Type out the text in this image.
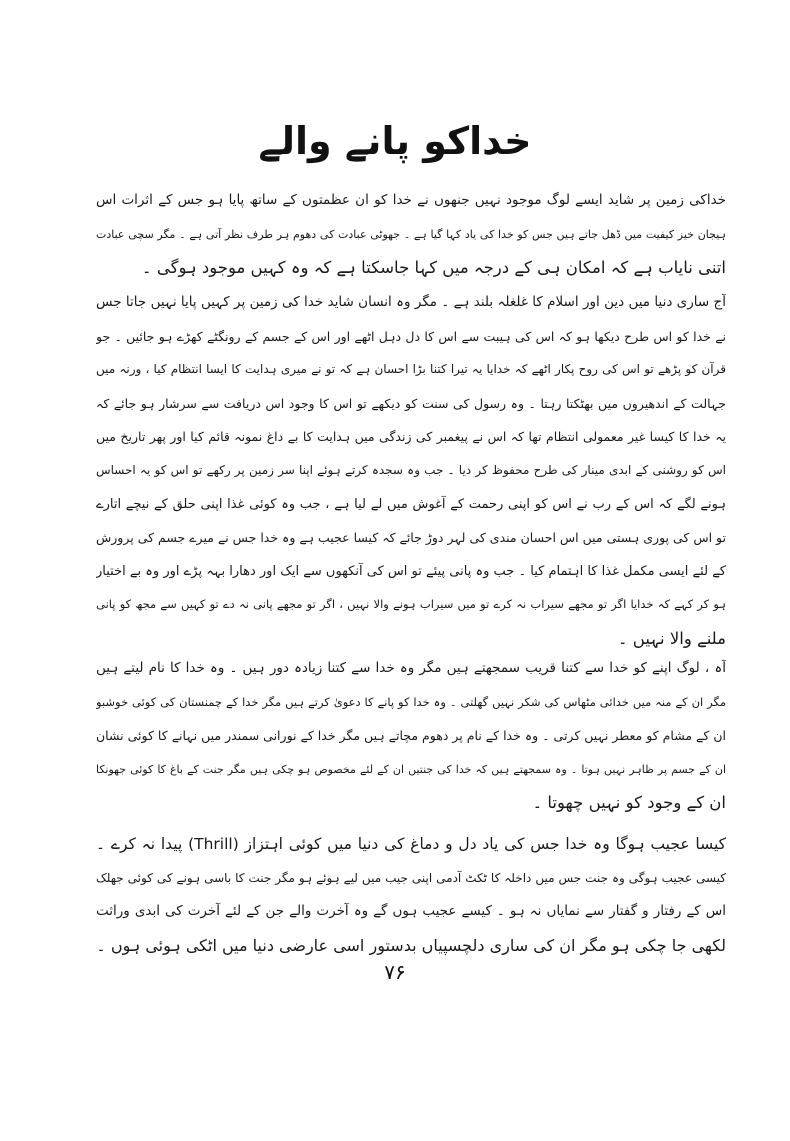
خداکو پانے والے
خداکی زمین پر شاید ایسے لوگ موجود نہیں جنھوں نے خدا کو ان عظمتوں کے ساتھ پایا ہو جس کے اثرات اس
ہیجان خیز کیفیت میں ڈھل جاتے ہیں جس کو خدا کی یاد کہا گیا ہے ۔ جھوٹی عبادت کی دھوم ہر طرف نظر آتی ہے ۔ مگر سچی عبادت
اتنی نایاب ہے کہ امکان ہی کے درجہ میں کہا جاسکتا ہے کہ وہ کہیں موجود ہوگی ۔
آج ساری دنیا میں دین اور اسلام کا غلغلہ بلند ہے ۔ مگر وہ انسان شاید خدا کی زمین پر کہیں پایا نہیں جاتا جس
نے خدا کو اس طرح دیکھا ہو کہ اس کی ہیبت سے اس کا دل دہل اٹھے اور اس کے جسم کے رونگٹے کھڑے ہو جائیں ۔ جو
قرآن کو پڑھے تو اس کی روح پکار اٹھے کہ خدایا یہ تیرا کتنا بڑا احسان ہے کہ تو نے میری ہدایت کا ایسا انتظام کیا ، ورنہ میں
جہالت کے اندھیروں میں بھٹکتا رہتا ۔ وہ رسول کی سنت کو دیکھے تو اس کا وجود اس دریافت سے سرشار ہو جائے کہ
یہ خدا کا کیسا غیر معمولی انتظام تھا کہ اس نے پیغمبر کی زندگی میں ہدایت کا بے داغ نمونہ قائم کیا اور پھر تاریخ میں
اس کو روشنی کے ابدی مینار کی طرح محفوظ کر دیا ۔ جب وہ سجدہ کرتے ہوئے اپنا سر زمین پر رکھے تو اس کو یہ احساس
ہونے لگے کہ اس کے رب نے اس کو اپنی رحمت کے آغوش میں لے لیا ہے ، جب وہ کوئی غذا اپنی حلق کے نیچے اتارے
تو اس کی پوری ہستی میں اس احسان مندی کی لہر دوڑ جائے کہ کیسا عجیب ہے وہ خدا جس نے میرے جسم کی پرورش
کے لئے ایسی مکمل غذا کا اہتمام کیا ۔ جب وہ پانی پیئے تو اس کی آنکھوں سے ایک اور دھارا بہہ پڑے اور وہ بے اختیار
ہو کر کہے کہ خدایا اگر تو مجھے سیراب نہ کرے تو میں سیراب ہونے والا نہیں ، اگر تو مجھے پانی نہ دے تو کہیں سے مجھ کو پانی
ملنے والا نہیں ۔
آہ ، لوگ اپنے کو خدا سے کتنا قریب سمجھتے ہیں مگر وہ خدا سے کتنا زیادہ دور ہیں ۔ وہ خدا کا نام لیتے ہیں
مگر ان کے منہ میں خدائی مٹھاس کی شکر نہیں گھلتی ۔ وہ خدا کو پانے کا دعویٰ کرتے ہیں مگر خدا کے چمنستان کی کوئی خوشبو
ان کے مشام کو معطر نہیں کرتی ۔ وہ خدا کے نام پر دھوم مچاتے ہیں مگر خدا کے نورانی سمندر میں نہانے کا کوئی نشان
ان کے جسم پر ظاہر نہیں ہوتا ۔ وہ سمجھتے ہیں کہ خدا کی جنتیں ان کے لئے مخصوص ہو چکی ہیں مگر جنت کے باغ کا کوئی جھونکا
ان کے وجود کو نہیں چھوتا ۔
کیسا عجیب ہوگا وہ خدا جس کی یاد دل و دماغ کی دنیا میں کوئی اہتزاز (Thrill) پیدا نہ کرے ۔
کیسی عجیب ہوگی وہ جنت جس میں داخلہ کا ٹکٹ آدمی اپنی جیب میں لیے ہوئے ہو مگر جنت کا باسی ہونے کی کوئی جھلک
اس کے رفتار و گفتار سے نمایاں نہ ہو ۔ کیسے عجیب ہوں گے وہ آخرت والے جن کے لئے آخرت کی ابدی وراثت
لکھی جا چکی ہو مگر ان کی ساری دلچسپیاں بدستور اسی عارضی دنیا میں اٹکی ہوئی ہوں ۔
۷۶
